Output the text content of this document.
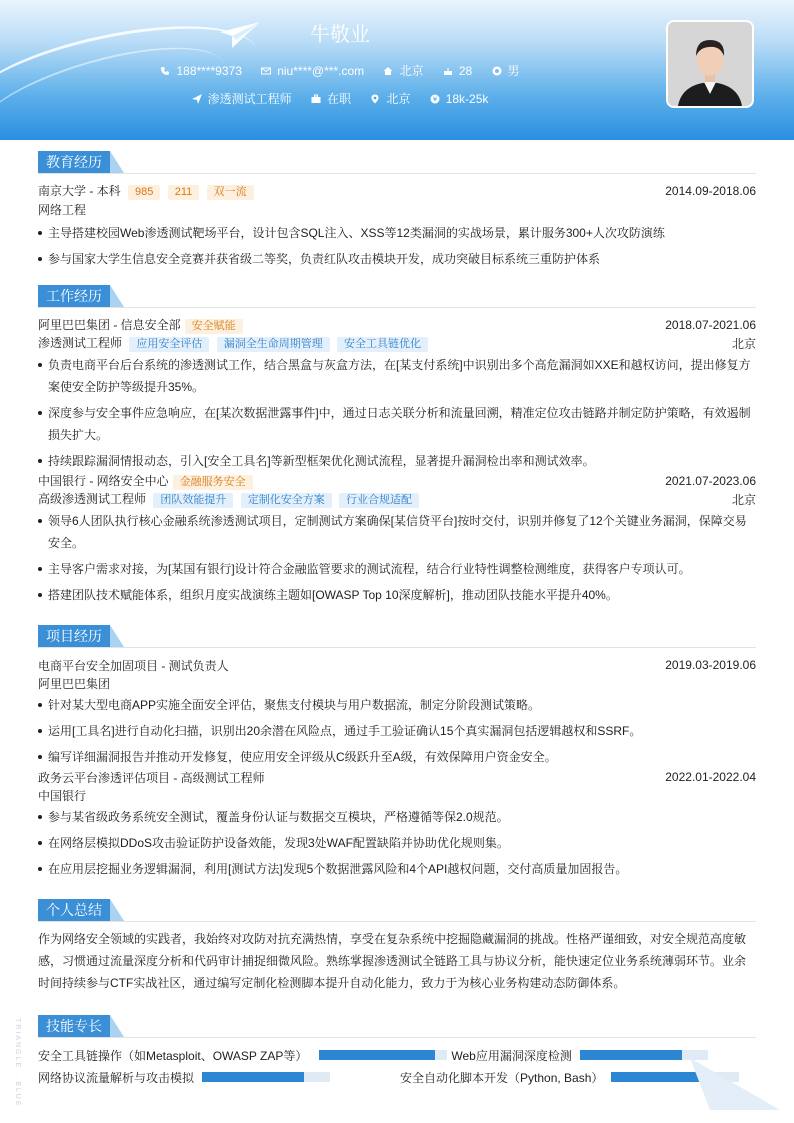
牛敬业
188****9373
	niu****@***.com
	北京
	28
	男
渗透测试工程师
	在职
	北京
	¥ 18k-25k
教育经历
南京大学 - 本科 985 211 双一流	2014.09-2018.06
网络工程
主导搭建校园Web渗透测试靶场平台，设计包含SQL注入、XSS等12类漏洞的实战场景，累计服务300+人次攻防演练
参与国家大学生信息安全竞赛并获省级二等奖，负责红队攻击模块开发，成功突破目标系统三重防护体系
工作经历
阿里巴巴集团 - 信息安全部 安全赋能	2018.07-2021.06
渗透测试工程师 应用安全评估 漏洞全生命周期管理 安全工具链优化	北京
负责电商平台后台系统的渗透测试工作，结合黑盒与灰盒方法，在[某支付系统]中识别出多个高危漏洞如XXE和越权访问，提出修复方案使安全防护等级提升35%。
深度参与安全事件应急响应，在[某次数据泄露事件]中，通过日志关联分析和流量回溯，精准定位攻击链路并制定防护策略，有效遏制损失扩大。
持续跟踪漏洞情报动态，引入[安全工具名]等新型框架优化测试流程，显著提升漏洞检出率和测试效率。
中国银行 - 网络安全中心 金融服务安全	2021.07-2023.06
高级渗透测试工程师 团队效能提升 定制化安全方案 行业合规适配	北京
领导6人团队执行核心金融系统渗透测试项目，定制测试方案确保[某信贷平台]按时交付，识别并修复了12个关键业务漏洞，保障交易安全。
主导客户需求对接，为[某国有银行]设计符合金融监管要求的测试流程，结合行业特性调整检测维度，获得客户专项认可。
搭建团队技术赋能体系，组织月度实战演练主题如[OWASP Top 10深度解析]，推动团队技能水平提升40%。
项目经历
电商平台安全加固项目 - 测试负责人	2019.03-2019.06
阿里巴巴集团
针对某大型电商APP实施全面安全评估，聚焦支付模块与用户数据流，制定分阶段测试策略。
运用[工具名]进行自动化扫描，识别出20余潜在风险点，通过手工验证确认15个真实漏洞包括逻辑越权和SSRF。
编写详细漏洞报告并推动开发修复，使应用安全评级从C级跃升至A级，有效保障用户资金安全。
政务云平台渗透评估项目 - 高级测试工程师	2022.01-2022.04
中国银行
参与某省级政务系统安全测试，覆盖身份认证与数据交互模块，严格遵循等保2.0规范。
在网络层模拟DDoS攻击验证防护设备效能，发现3处WAF配置缺陷并协助优化规则集。
在应用层挖掘业务逻辑漏洞，利用[测试方法]发现5个数据泄露风险和4个API越权问题，交付高质量加固报告。
个人总结
作为网络安全领域的实践者，我始终对攻防对抗充满热情，享受在复杂系统中挖掘隐藏漏洞的挑战。性格严谨细致，对安全规范高度敏感，习惯通过流量深度分析和代码审计捕捉细微风险。熟练掌握渗透测试全链路工具与协议分析，能快速定位业务系统薄弱环节。业余时间持续参与CTF实战社区，通过编写定制化检测脚本提升自动化能力，致力于为核心业务构建动态防御体系。
技能专长
安全工具链操作（如Metasploit、OWASP ZAP等）	Web应用漏洞深度检测
网络协议流量解析与攻击模拟	安全自动化脚本开发（Python, Bash）
TRIANGLE · BLUE
